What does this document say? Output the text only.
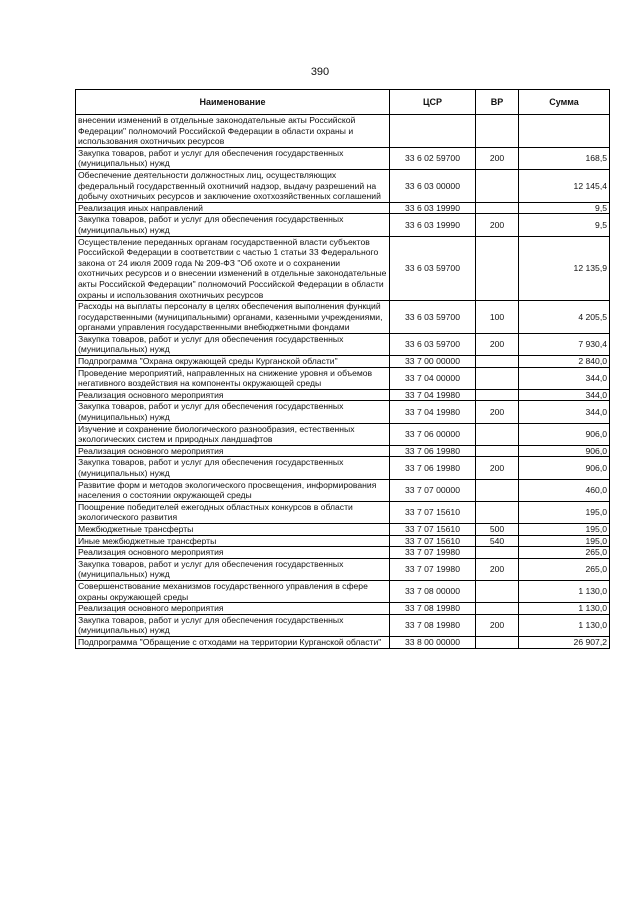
390
Наименование	ЦСР	ВР	Сумма
внесении изменений в отдельные законодательные акты Российской Федерации" полномочий Российской Федерации в области охраны и использования охотничьих ресурсов			
Закупка товаров, работ и услуг для обеспечения государственных (муниципальных) нужд	33 6 02 59700	200	168,5
Обеспечение деятельности должностных лиц, осуществляющих федеральный государственный охотничий надзор, выдачу разрешений на добычу охотничьих ресурсов и заключение охотхозяйственных соглашений	33 6 03 00000		12 145,4
Реализация иных направлений	33 6 03 19990		9,5
Закупка товаров, работ и услуг для обеспечения государственных (муниципальных) нужд	33 6 03 19990	200	9,5
Осуществление переданных органам государственной власти субъектов Российской Федерации в соответствии с частью 1 статьи 33 Федерального закона от 24 июля 2009 года № 209-ФЗ "Об охоте и о сохранении охотничьих ресурсов и о внесении изменений в отдельные законодательные акты Российской Федерации" полномочий Российской Федерации в области охраны и использования охотничьих ресурсов	33 6 03 59700		12 135,9
Расходы на выплаты персоналу в целях обеспечения выполнения функций государственными (муниципальными) органами, казенными учреждениями, органами управления государственными внебюджетными фондами	33 6 03 59700	100	4 205,5
Закупка товаров, работ и услуг для обеспечения государственных (муниципальных) нужд	33 6 03 59700	200	7 930,4
Подпрограмма "Охрана окружающей среды Курганской области"	33 7 00 00000		2 840,0
Проведение мероприятий, направленных на снижение уровня и объемов негативного воздействия на компоненты окружающей среды	33 7 04 00000		344,0
Реализация основного мероприятия	33 7 04 19980		344,0
Закупка товаров, работ и услуг для обеспечения государственных (муниципальных) нужд	33 7 04 19980	200	344,0
Изучение и сохранение биологического разнообразия, естественных экологических систем и природных ландшафтов	33 7 06 00000		906,0
Реализация основного мероприятия	33 7 06 19980		906,0
Закупка товаров, работ и услуг для обеспечения государственных (муниципальных) нужд	33 7 06 19980	200	906,0
Развитие форм и методов экологического просвещения, информирования населения о состоянии окружающей среды	33 7 07 00000		460,0
Поощрение победителей ежегодных областных конкурсов в области экологического развития	33 7 07 15610		195,0
Межбюджетные трансферты	33 7 07 15610	500	195,0
Иные межбюджетные трансферты	33 7 07 15610	540	195,0
Реализация основного мероприятия	33 7 07 19980		265,0
Закупка товаров, работ и услуг для обеспечения государственных (муниципальных) нужд	33 7 07 19980	200	265,0
Совершенствование механизмов государственного управления в сфере охраны окружающей среды	33 7 08 00000		1 130,0
Реализация основного мероприятия	33 7 08 19980		1 130,0
Закупка товаров, работ и услуг для обеспечения государственных (муниципальных) нужд	33 7 08 19980	200	1 130,0
Подпрограмма "Обращение с отходами на территории Курганской области"	33 8 00 00000		26 907,2
